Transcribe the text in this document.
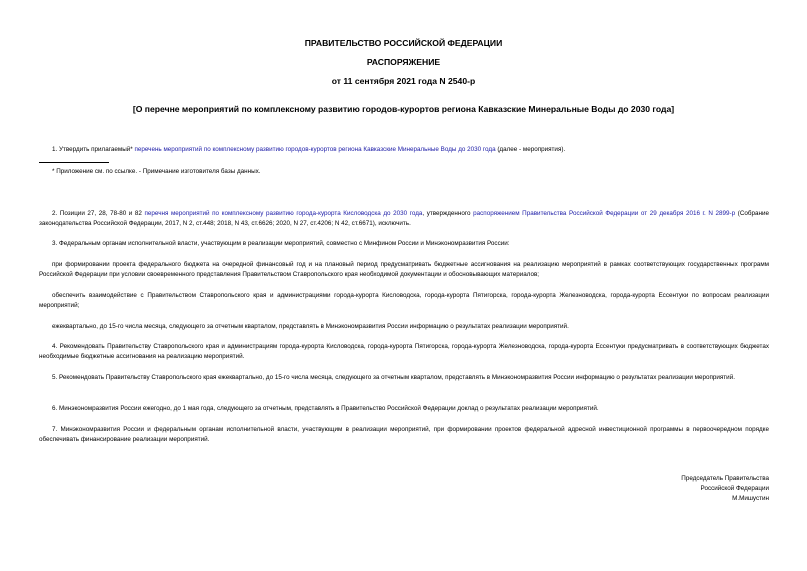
ПРАВИТЕЛЬСТВО РОССИЙСКОЙ ФЕДЕРАЦИИ
РАСПОРЯЖЕНИЕ
от 11 сентября 2021 года N 2540-р
[О перечне мероприятий по комплексному развитию городов-курортов региона Кавказские Минеральные Воды до 2030 года]
1. Утвердить прилагаемый* перечень мероприятий по комплексному развитию городов-курортов региона Кавказские Минеральные Воды до 2030 года (далее - мероприятия).
* Приложение см. по ссылке. - Примечание изготовителя базы данных.
2. Позиции 27, 28, 78-80 и 82 перечня мероприятий по комплексному развитию города-курорта Кисловодска до 2030 года, утвержденного распоряжением Правительства Российской Федерации от 29 декабря 2016 г. N 2899-р (Собрание законодательства Российской Федерации, 2017, N 2, ст.448; 2018, N 43, ст.6626; 2020, N 27, ст.4206; N 42, ст.6671), исключить.
3. Федеральным органам исполнительной власти, участвующим в реализации мероприятий, совместно с Минфином России и Минэкономразвития России:
при формировании проекта федерального бюджета на очередной финансовый год и на плановый период предусматривать бюджетные ассигнования на реализацию мероприятий в рамках соответствующих государственных программ Российской Федерации при условии своевременного представления Правительством Ставропольского края необходимой документации и обосновывающих материалов;
обеспечить взаимодействие с Правительством Ставропольского края и администрациями города-курорта Кисловодска, города-курорта Пятигорска, города-курорта Железноводска, города-курорта Ессентуки по вопросам реализации мероприятий;
ежеквартально, до 15-го числа месяца, следующего за отчетным кварталом, представлять в Минэкономразвития России информацию о результатах реализации мероприятий.
4. Рекомендовать Правительству Ставропольского края и администрациям города-курорта Кисловодска, города-курорта Пятигорска, города-курорта Железноводска, города-курорта Ессентуки предусматривать в соответствующих бюджетах необходимые бюджетные ассигнования на реализацию мероприятий.
5. Рекомендовать Правительству Ставропольского края ежеквартально, до 15-го числа месяца, следующего за отчетным кварталом, представлять в Минэкономразвития России информацию о результатах реализации мероприятий.
6. Минэкономразвития России ежегодно, до 1 мая года, следующего за отчетным, представлять в Правительство Российской Федерации доклад о результатах реализации мероприятий.
7. Минэкономразвития России и федеральным органам исполнительной власти, участвующим в реализации мероприятий, при формировании проектов федеральной адресной инвестиционной программы в первоочередном порядке обеспечивать финансирование реализации мероприятий.
Председатель Правительства
Российской Федерации
М.Мишустин
